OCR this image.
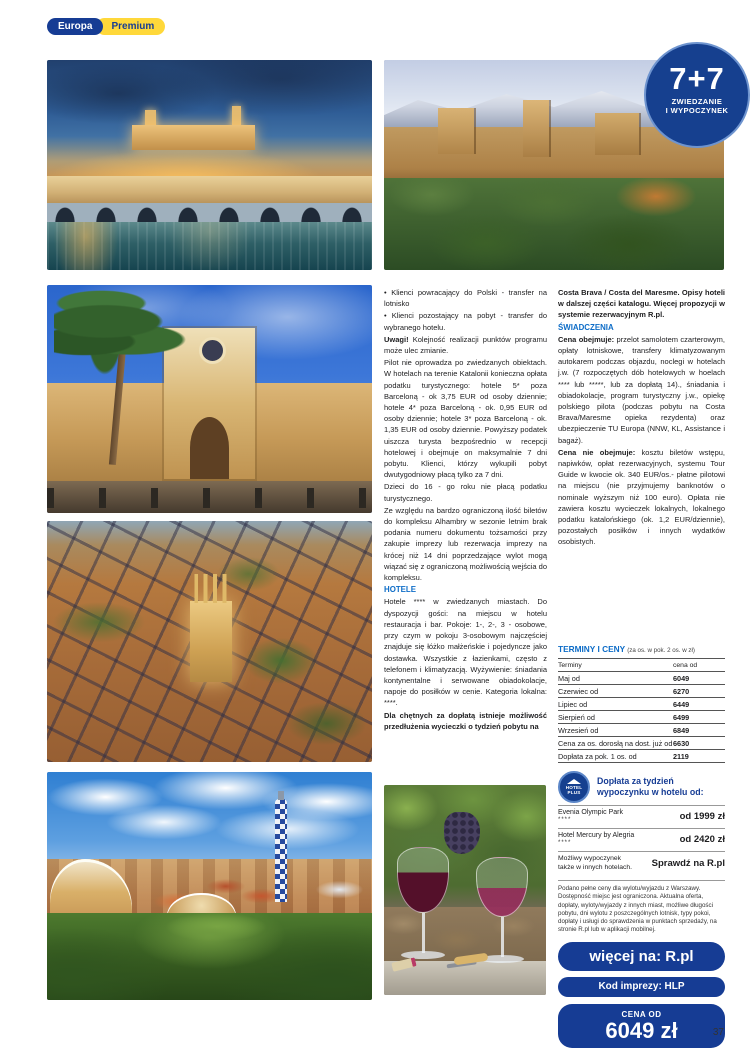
Europa	Premium
7+7
ZWIEDZANIE
I WYPOCZYNEK

• Klienci powracający do Polski - transfer na lotnisko

• Klienci pozostający na pobyt - transfer do wybranego hotelu.

Uwagi! Kolejność realizacji punktów programu może ulec zmianie.

Pilot nie oprowadza po zwiedzanych obiektach. W hotelach na terenie Katalonii konieczna opłata podatku turystycznego: hotele 5* poza Barceloną - ok 3,75 EUR od osoby dziennie; hotele 4* poza Barceloną - ok. 0,95 EUR od osoby dziennie; hotele 3* poza Barceloną - ok. 1,35 EUR od osoby dziennie. Powyższy podatek uiszcza turysta bezpośrednio w recepcji hotelowej i obejmuje on maksymalnie 7 dni pobytu. Klienci, którzy wykupili pobyt dwutygodniowy płacą tylko za 7 dni.

Dzieci do 16 - go roku nie płacą podatku turystycznego.

Ze względu na bardzo ograniczoną ilość biletów do kompleksu Alhambry w sezonie letnim brak podania numeru dokumentu tożsamości przy zakupie imprezy lub rezerwacja imprezy na krócej niż 14 dni poprzedzające wylot mogą wiązać się z ograniczoną możliwością wejścia do kompleksu.

HOTELE

Hotele **** w zwiedzanych miastach. Do dyspozycji gości: na miejscu w hotelu restauracja i bar. Pokoje: 1-, 2-, 3 - osobowe, przy czym w pokoju 3-osobowym najczęściej znajduje się łóżko małżeńskie i pojedyncze jako dostawka. Wszystkie z łazienkami, często z telefonem i klimatyzacją. Wyżywienie: śniadania kontynentalne i serwowane obiadokolacje, napoje do posiłków w cenie. Kategoria lokalna: ****.

Dla chętnych za dopłatą istnieje możliwość przedłużenia wycieczki o tydzień pobytu na

Costa Brava / Costa del Maresme. Opisy hoteli w dalszej części katalogu. Więcej propozycji w systemie rezerwacyjnym R.pl.

ŚWIADCZENIA

Cena obejmuje: przelot samolotem czarterowym, opłaty lotniskowe, transfery klimatyzowanym autokarem podczas objazdu, noclegi w hotelach j.w. (7 rozpoczętych dób hotelowych w hoelach **** lub *****, lub za dopłatą 14)., śniadania i obiadokolacje, program turystyczny j.w., opiekę polskiego pilota (podczas pobytu na Costa Brava/Maresme opieka rezydenta) oraz ubezpieczenie TU Europa (NNW, KL, Assistance i bagaż).

Cena nie obejmuje: kosztu biletów wstępu, napiwków, opłat rezerwacyjnych, systemu Tour Guide w kwocie ok. 340 EUR/os.- płatne pilotowi na miejscu (nie przyjmujemy banknotów o nominale wyższym niż 100 euro). Opłata nie zawiera kosztu wycieczek lokalnych, lokalnego podatku katalońskiego (ok. 1,2 EUR/dziennie), pozostałych posiłków i innych wydatków osobistych.

TERMINY I CENY (za os. w pok. 2 os. w zł)
Terminy	cena od
Maj od	6049
Czerwiec od	6270
Lipiec od	6449
Sierpień od	6499
Wrzesień od	6849
Cena za os. dorosłą na dost. już od 6630
Dopłata za pok. 1 os. od	2119
HOTEL
PLUS
Dopłata za tydzień wypoczynku w hotelu od:
Evenia Olympic Park
****	od 1999 zł
Hotel Mercury by Alegria
****	od 2420 zł
Możliwy wypoczynek także w innych hotelach.	Sprawdź na R.pl
Podano pełne ceny dla wylotu/wyjazdu z Warszawy. Dostępność miejsc jest ograniczona. Aktualna oferta, dopłaty, wyloty/wyjazdy z innych miast, możliwe długości pobytu, dni wylotu z poszczególnych lotnisk, typy pokoi, dopłaty i usługi do sprawdzenia w punktach sprzedaży, na stronie R.pl lub w aplikacji mobilnej.
więcej na: R.pl
Kod imprezy: HLP
CENA OD
6049 zł	37
